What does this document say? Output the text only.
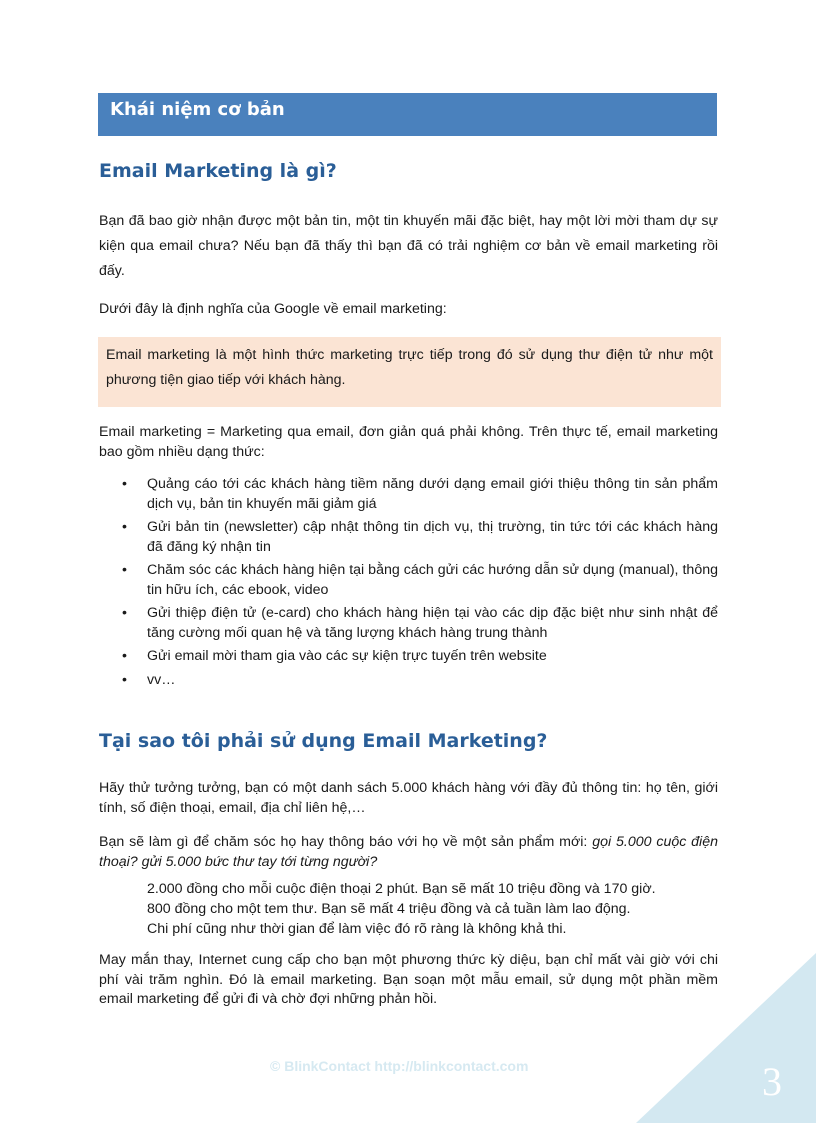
Khái niệm cơ bản
Email Marketing là gì?

Bạn đã bao giờ nhận được một bản tin, một tin khuyến mãi đặc biệt, hay một lời mời tham dự sự kiện qua email chưa? Nếu bạn đã thấy thì bạn đã có trải nghiệm cơ bản về email marketing rồi đấy.

Dưới đây là định nghĩa của Google về email marketing:

Email marketing là một hình thức marketing trực tiếp trong đó sử dụng thư điện tử như một phương tiện giao tiếp với khách hàng.

Email marketing = Marketing qua email, đơn giản quá phải không. Trên thực tế, email marketing bao gồm nhiều dạng thức:

• Quảng cáo tới các khách hàng tiềm năng dưới dạng email giới thiệu thông tin sản phẩm dịch vụ, bản tin khuyến mãi giảm giá
• Gửi bản tin (newsletter) cập nhật thông tin dịch vụ, thị trường, tin tức tới các khách hàng đã đăng ký nhận tin
• Chăm sóc các khách hàng hiện tại bằng cách gửi các hướng dẫn sử dụng (manual), thông tin hữu ích, các ebook, video
• Gửi thiệp điện tử (e-card) cho khách hàng hiện tại vào các dịp đặc biệt như sinh nhật để tăng cường mối quan hệ và tăng lượng khách hàng trung thành
• Gửi email mời tham gia vào các sự kiện trực tuyến trên website
• vv…
Tại sao tôi phải sử dụng Email Marketing?

Hãy thử tưởng tưởng, bạn có một danh sách 5.000 khách hàng với đầy đủ thông tin: họ tên, giới tính, số điện thoại, email, địa chỉ liên hệ,…

Bạn sẽ làm gì để chăm sóc họ hay thông báo với họ về một sản phẩm mới: gọi 5.000 cuộc điện thoại? gửi 5.000 bức thư tay tới từng người?

2.000 đồng cho mỗi cuộc điện thoại 2 phút. Bạn sẽ mất 10 triệu đồng và 170 giờ.
800 đồng cho một tem thư. Bạn sẽ mất 4 triệu đồng và cả tuần làm lao động.
Chi phí cũng như thời gian để làm việc đó rõ ràng là không khả thi.

May mắn thay, Internet cung cấp cho bạn một phương thức kỳ diệu, bạn chỉ mất vài giờ với chi phí vài trăm nghìn. Đó là email marketing. Bạn soạn một mẫu email, sử dụng một phần mềm email marketing để gửi đi và chờ đợi những phản hồi.

© BlinkContact http://blinkcontact.com	3
